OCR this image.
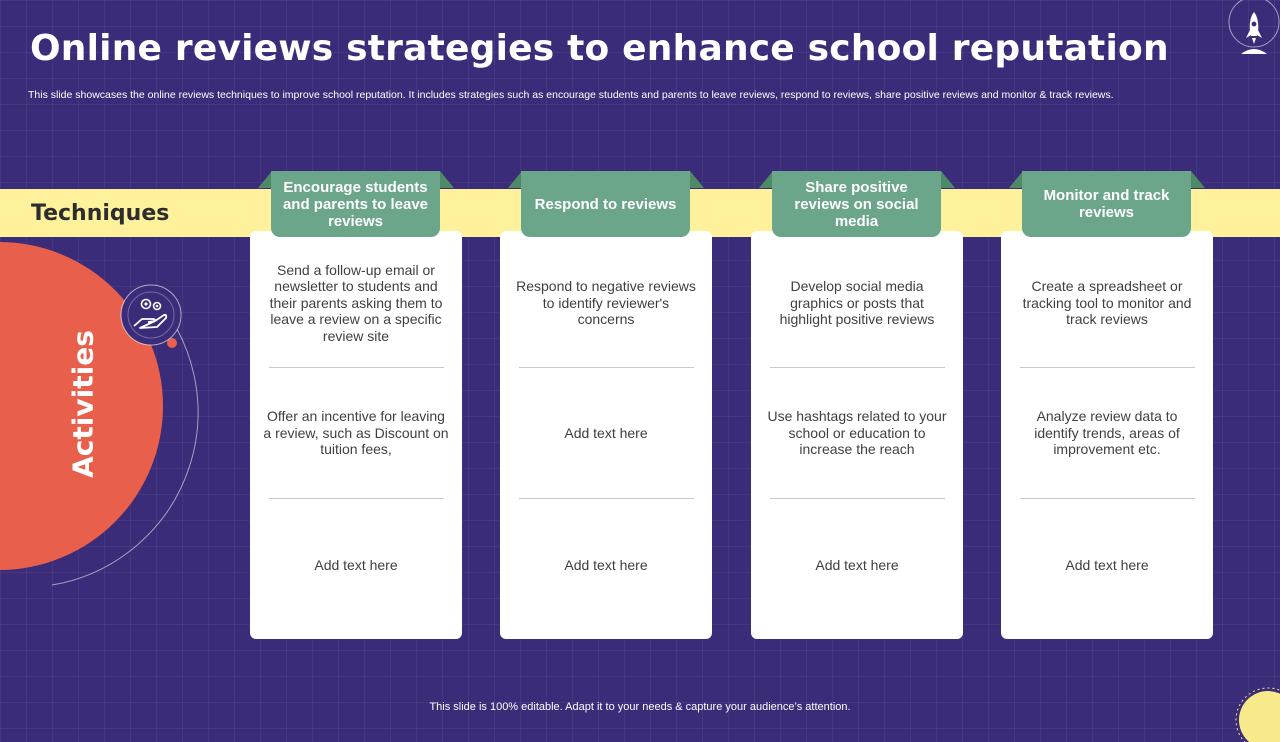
Online reviews strategies to enhance school reputation
This slide showcases the online reviews techniques to improve school reputation. It includes strategies such as encourage students and parents to leave reviews, respond to reviews, share positive reviews and monitor & track reviews.
Techniques
Activities
Send a follow-up email or newsletter to students and their parents asking them to leave a review on a specific review site
Offer an incentive for leaving a review, such as Discount on tuition fees,
Add text here
Encourage students and parents to leave reviews
Respond to negative reviews to identify reviewer's concerns
Add text here
Add text here
Respond to reviews
Develop social media graphics or posts that highlight positive reviews
Use hashtags related to your school or education to increase the reach
Add text here
Share positive reviews on social media
Create a spreadsheet or tracking tool to monitor and track reviews
Analyze review data to identify trends, areas of improvement etc.
Add text here
Monitor and track reviews
This slide is 100% editable. Adapt it to your needs & capture your audience’s attention.
